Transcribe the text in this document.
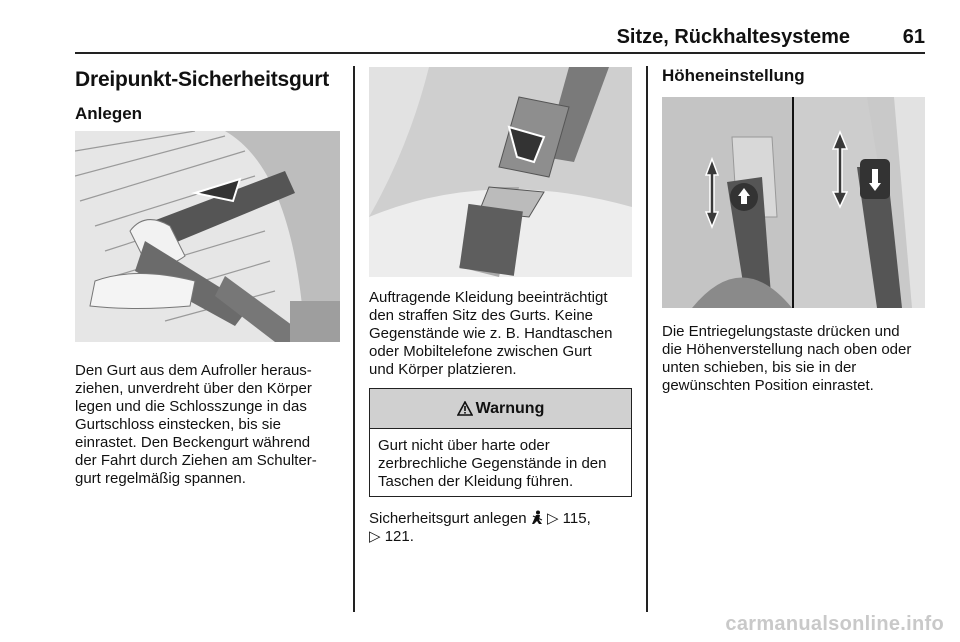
Sitze, Rückhaltesysteme	61
Dreipunkt-Sicherheitsgurt
Anlegen
Den Gurt aus dem Aufroller heraus-
ziehen, unverdreht über den Körper
legen und die Schlosszunge in das
Gurtschloss einstecken, bis sie
einrastet. Den Beckengurt während
der Fahrt durch Ziehen am Schulter-
gurt regelmäßig spannen.
Auftragende Kleidung beeinträchtigt
den straffen Sitz des Gurts. Keine
Gegenstände wie z. B. Handtaschen
oder Mobiltelefone zwischen Gurt
und Körper platzieren.
Warnung
Gurt nicht über harte oder
zerbrechliche Gegenstände in den
Taschen der Kleidung führen.
Sicherheitsgurt anlegen ▷ 115,
▷ 121.
Höheneinstellung
Die Entriegelungstaste drücken und
die Höhenverstellung nach oben oder
unten schieben, bis sie in der
gewünschten Position einrastet.
carmanualsonline.info
